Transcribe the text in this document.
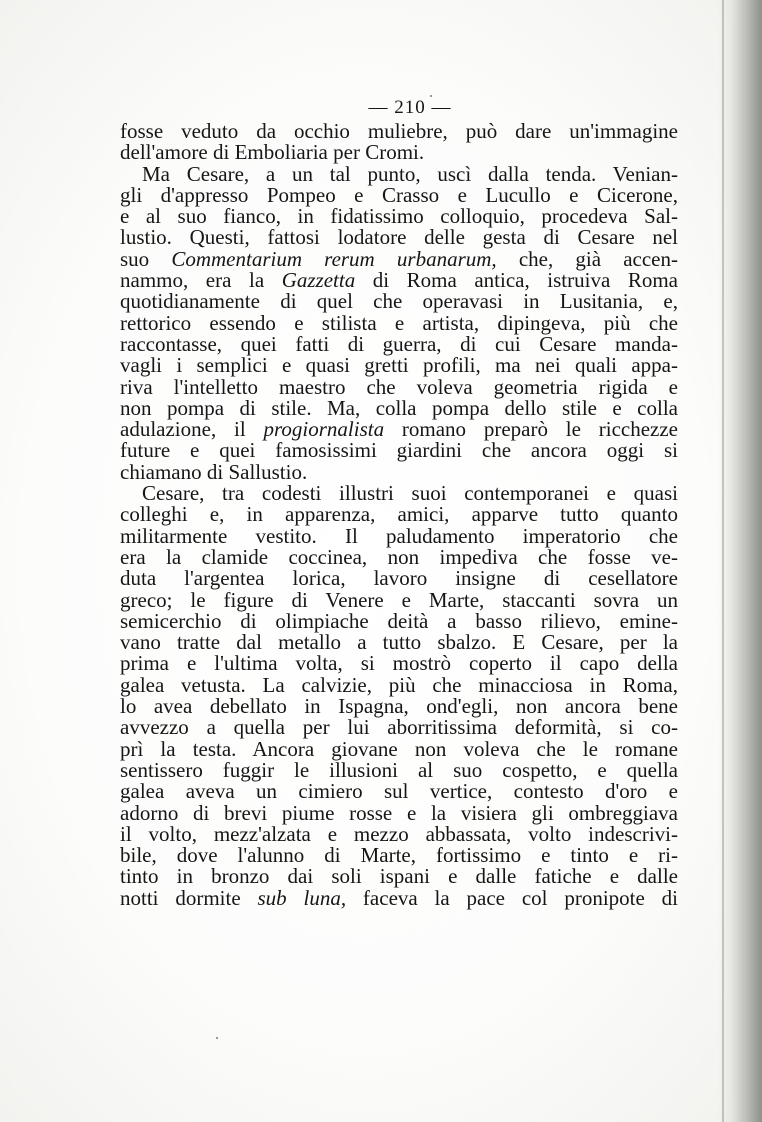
— 210 —
fosse veduto da occhio muliebre, può dare un'immagine
dell'amore di Emboliaria per Cromi.
Ma Cesare, a un tal punto, uscì dalla tenda. Venian-
gli d'appresso Pompeo e Crasso e Lucullo e Cicerone,
e al suo fianco, in fidatissimo colloquio, procedeva Sal-
lustio. Questi, fattosi lodatore delle gesta di Cesare nel
suo Commentarium rerum urbanarum, che, già accen-
nammo, era la Gazzetta di Roma antica, istruiva Roma
quotidianamente di quel che operavasi in Lusitania, e,
rettorico essendo e stilista e artista, dipingeva, più che
raccontasse, quei fatti di guerra, di cui Cesare manda-
vagli i semplici e quasi gretti profili, ma nei quali appa-
riva l'intelletto maestro che voleva geometria rigida e
non pompa di stile. Ma, colla pompa dello stile e colla
adulazione, il progiornalista romano preparò le ricchezze
future e quei famosissimi giardini che ancora oggi si
chiamano di Sallustio.
Cesare, tra codesti illustri suoi contemporanei e quasi
colleghi e, in apparenza, amici, apparve tutto quanto
militarmente vestito. Il paludamento imperatorio che
era la clamide coccinea, non impediva che fosse ve-
duta l'argentea lorica, lavoro insigne di cesellatore
greco; le figure di Venere e Marte, staccanti sovra un
semicerchio di olimpiache deità a basso rilievo, emine-
vano tratte dal metallo a tutto sbalzo. E Cesare, per la
prima e l'ultima volta, si mostrò coperto il capo della
galea vetusta. La calvizie, più che minacciosa in Roma,
lo avea debellato in Ispagna, ond'egli, non ancora bene
avvezzo a quella per lui aborritissima deformità, si co-
prì la testa. Ancora giovane non voleva che le romane
sentissero fuggir le illusioni al suo cospetto, e quella
galea aveva un cimiero sul vertice, contesto d'oro e
adorno di brevi piume rosse e la visiera gli ombreggiava
il volto, mezz'alzata e mezzo abbassata, volto indescrivi-
bile, dove l'alunno di Marte, fortissimo e tinto e ri-
tinto in bronzo dai soli ispani e dalle fatiche e dalle
notti dormite sub luna, faceva la pace col pronipote di
